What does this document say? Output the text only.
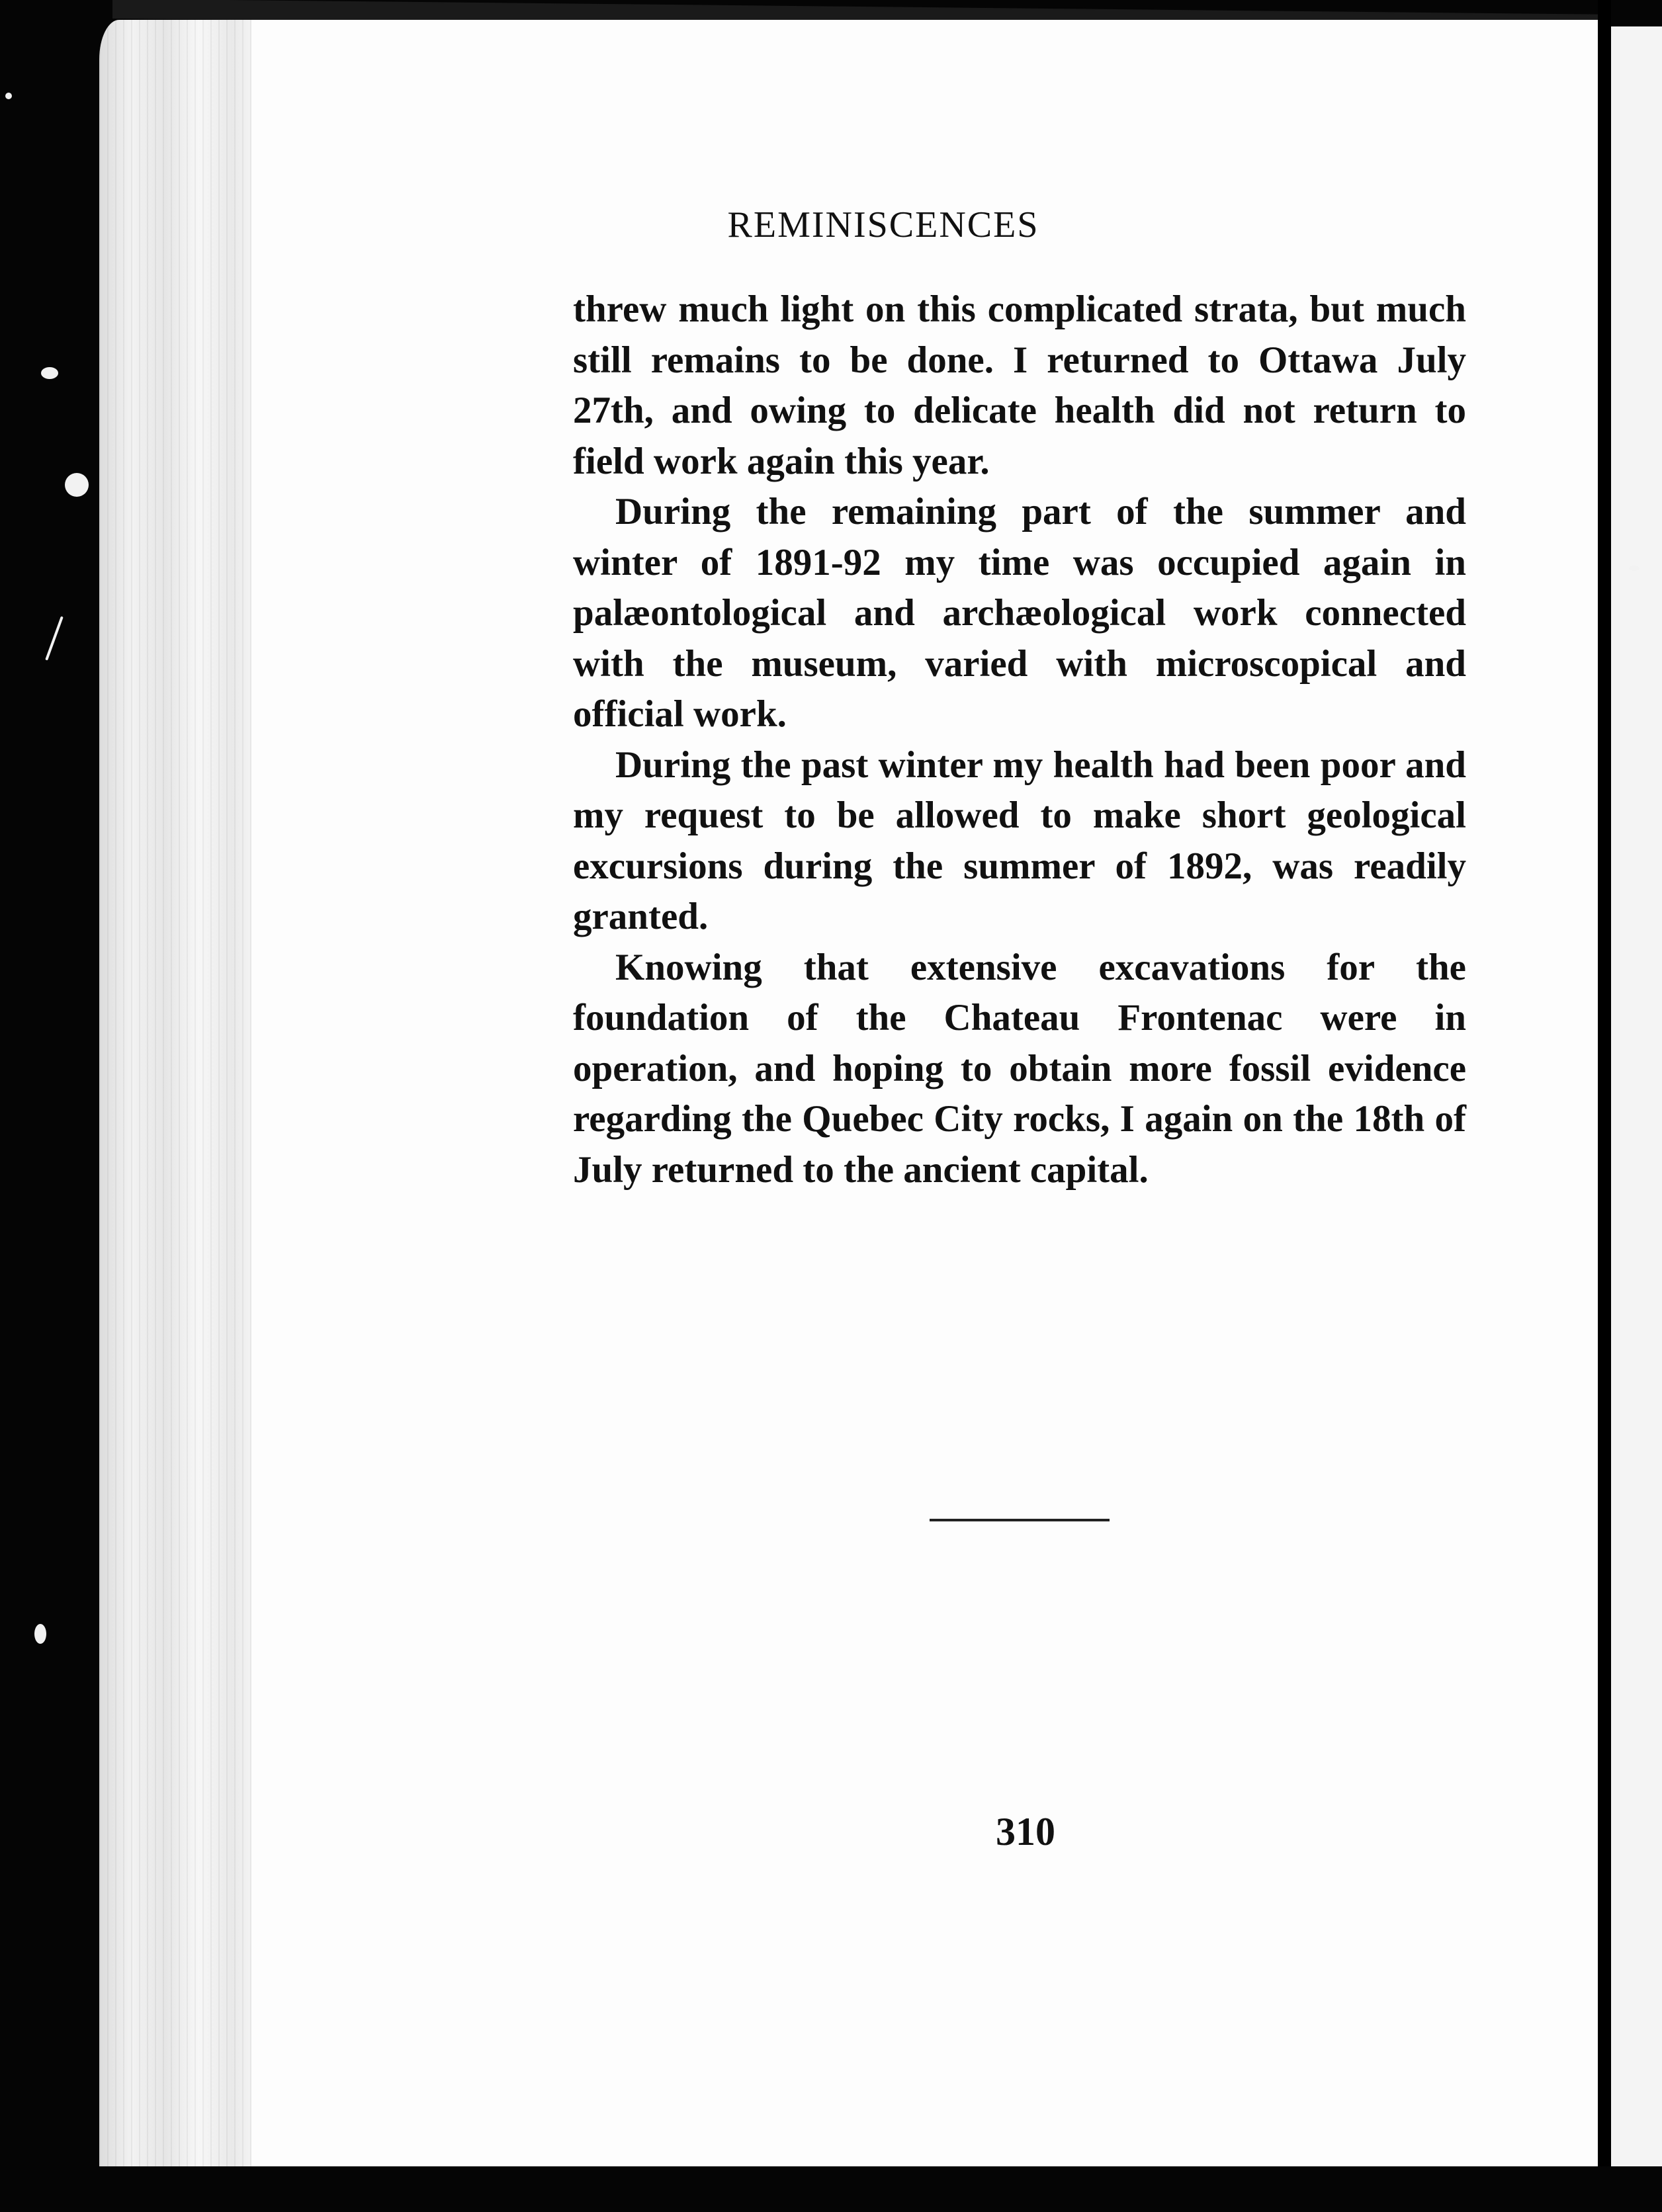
REMINISCENCES

threw much light on this complicated strata, but much still remains to be done. I returned to Ottawa July 27th, and owing to delicate health did not return to field work again this year.

During the remaining part of the summer and winter of 1891-92 my time was occupied again in palæontological and archæological work connected with the museum, varied with microscopical and official work.

During the past winter my health had been poor and my request to be allowed to make short geological excursions during the summer of 1892, was readily granted.

Knowing that extensive excavations for the foundation of the Chateau Frontenac were in operation, and hoping to obtain more fossil evidence regarding the Quebec City rocks, I again on the 18th of July returned to the ancient capital.

310
